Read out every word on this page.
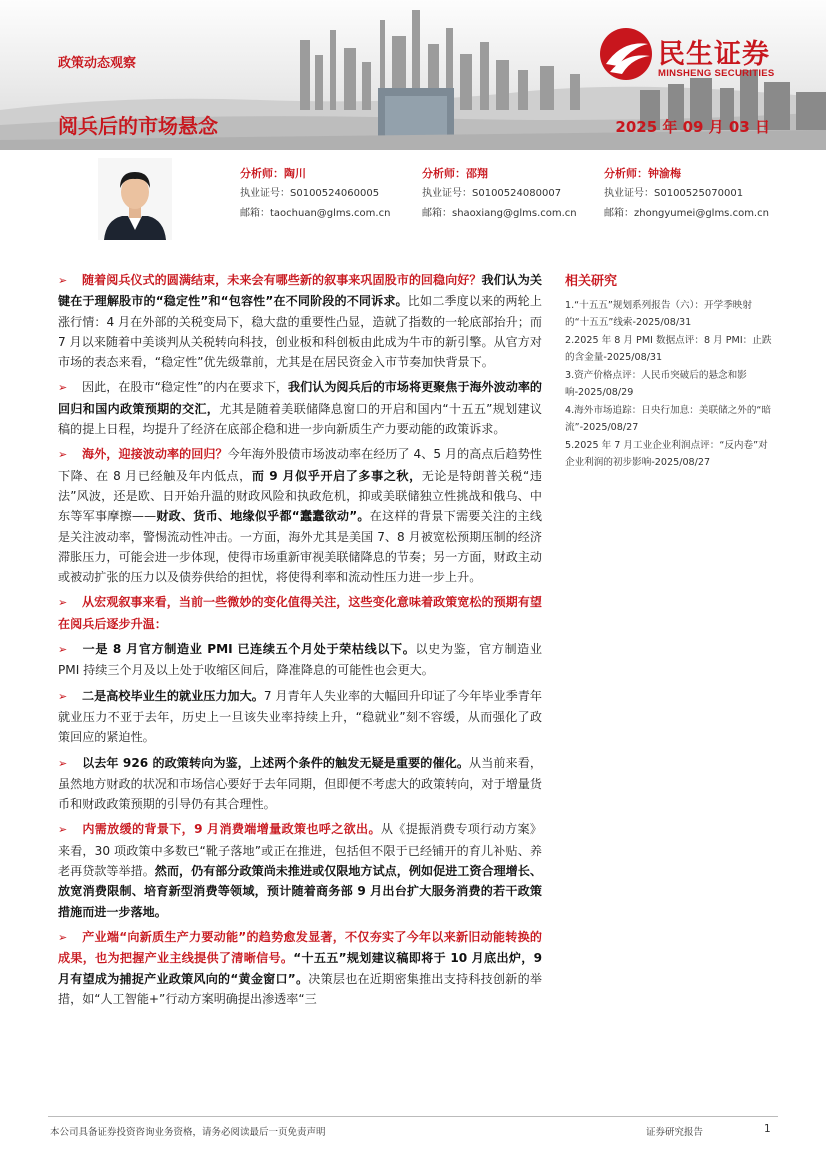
政策动态观察
阅兵后的市场悬念	2025 年 09 月 03 日
民生证券
MINSHENG SECURITIES
分析师：陶川
执业证号：S0100524060005
邮箱：taochuan@glms.com.cn
分析师：邵翔
执业证号：S0100524080007
邮箱：shaoxiang@glms.com.cn
分析师：钟渝梅
执业证号：S0100525070001
邮箱：zhongyumei@glms.com.cn

➢ 随着阅兵仪式的圆满结束，未来会有哪些新的叙事来巩固股市的回稳向好？我们认为关键在于理解股市的“稳定性”和“包容性”在不同阶段的不同诉求。比如二季度以来的两轮上涨行情：4 月在外部的关税变局下，稳大盘的重要性凸显，造就了指数的一轮底部抬升；而 7 月以来随着中美谈判从关税转向科技，创业板和科创板由此成为牛市的新引擎。从官方对市场的表态来看，“稳定性”优先级靠前，尤其是在居民资金入市节奏加快背景下。

➢ 因此，在股市“稳定性”的内在要求下，我们认为阅兵后的市场将更聚焦于海外波动率的回归和国内政策预期的交汇，尤其是随着美联储降息窗口的开启和国内“十五五”规划建议稿的提上日程，均提升了经济在底部企稳和进一步向新质生产力要动能的政策诉求。

➢ 海外，迎接波动率的回归？今年海外股债市场波动率在经历了 4、5 月的高点后趋势性下降、在 8 月已经触及年内低点，而 9 月似乎开启了多事之秋，无论是特朗普关税“违法”风波，还是欧、日开始升温的财政风险和执政危机，抑或美联储独立性挑战和俄乌、中东等军事摩擦——财政、货币、地缘似乎都“蠢蠢欲动”。在这样的背景下需要关注的主线是关注波动率，警惕流动性冲击。一方面，海外尤其是美国 7、8 月被宽松预期压制的经济滞胀压力，可能会进一步体现，使得市场重新审视美联储降息的节奏；另一方面，财政主动或被动扩张的压力以及债券供给的担忧，将使得利率和流动性压力进一步上升。

➢ 从宏观叙事来看，当前一些微妙的变化值得关注，这些变化意味着政策宽松的预期有望在阅兵后逐步升温：

➢ 一是 8 月官方制造业 PMI 已连续五个月处于荣枯线以下。以史为鉴，官方制造业 PMI 持续三个月及以上处于收缩区间后，降准降息的可能性也会更大。

➢ 二是高校毕业生的就业压力加大。7 月青年人失业率的大幅回升印证了今年毕业季青年就业压力不亚于去年，历史上一旦该失业率持续上升，“稳就业”刻不容缓，从而强化了政策回应的紧迫性。

➢ 以去年 926 的政策转向为鉴，上述两个条件的触发无疑是重要的催化。从当前来看，虽然地方财政的状况和市场信心要好于去年同期，但即便不考虑大的政策转向，对于增量货币和财政政策预期的引导仍有其合理性。

➢ 内需放缓的背景下，9 月消费端增量政策也呼之欲出。从《提振消费专项行动方案》来看，30 项政策中多数已“靴子落地”或正在推进，包括但不限于已经铺开的育儿补贴、养老再贷款等举措。然而，仍有部分政策尚未推进或仅限地方试点，例如促进工资合理增长、放宽消费限制、培育新型消费等领域，预计随着商务部 9 月出台扩大服务消费的若干政策措施而进一步落地。

➢ 产业端“向新质生产力要动能”的趋势愈发显著，不仅夯实了今年以来新旧动能转换的成果，也为把握产业主线提供了清晰信号。“十五五”规划建议稿即将于 10 月底出炉，9 月有望成为捕捉产业政策风向的“黄金窗口”。决策层也在近期密集推出支持科技创新的举措，如“人工智能+”行动方案明确提出渗透率“三

相关研究
1.“十五五”规划系列报告（六）：开学季映射的“十五五”线索-2025/08/31
2.2025 年 8 月 PMI 数据点评：8 月 PMI：止跌的含金量-2025/08/31
3.资产价格点评：人民币突破后的悬念和影响-2025/08/29
4.海外市场追踪：日央行加息：美联储之外的“暗流”-2025/08/27
5.2025 年 7 月工业企业利润点评：“反内卷”对企业利润的初步影响-2025/08/27
本公司具备证券投资咨询业务资格，请务必阅读最后一页免责声明	证券研究报告	1
